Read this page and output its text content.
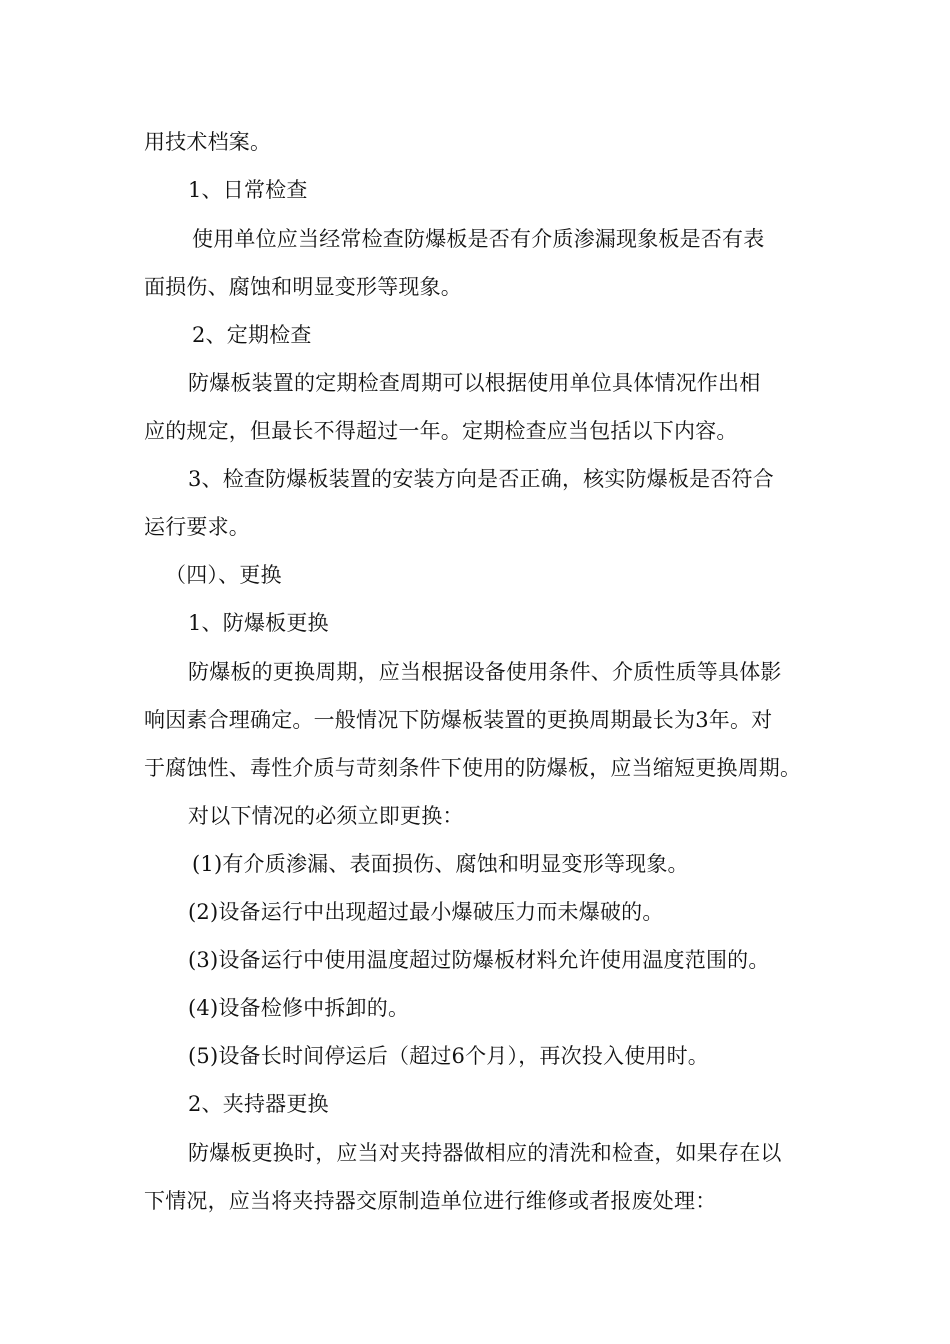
用技术档案。
1、日常检查
使用单位应当经常检查防爆板是否有介质渗漏现象板是否有表
面损伤、腐蚀和明显变形等现象。
2、定期检查
防爆板装置的定期检查周期可以根据使用单位具体情况作出相
应的规定，但最长不得超过一年。定期检查应当包括以下内容。
3、检查防爆板装置的安装方向是否正确，核实防爆板是否符合
运行要求。
（四）、更换
1、防爆板更换
防爆板的更换周期，应当根据设备使用条件、介质性质等具体影
响因素合理确定。一般情况下防爆板装置的更换周期最长为3年。对
于腐蚀性、毒性介质与苛刻条件下使用的防爆板，应当缩短更换周期。
对以下情况的必须立即更换：
(1)有介质渗漏、表面损伤、腐蚀和明显变形等现象。
(2)设备运行中出现超过最小爆破压力而未爆破的。
(3)设备运行中使用温度超过防爆板材料允许使用温度范围的。
(4)设备检修中拆卸的。
(5)设备长时间停运后（超过6个月），再次投入使用时。
2、夹持器更换
防爆板更换时，应当对夹持器做相应的清洗和检查，如果存在以
下情况，应当将夹持器交原制造单位进行维修或者报废处理：
